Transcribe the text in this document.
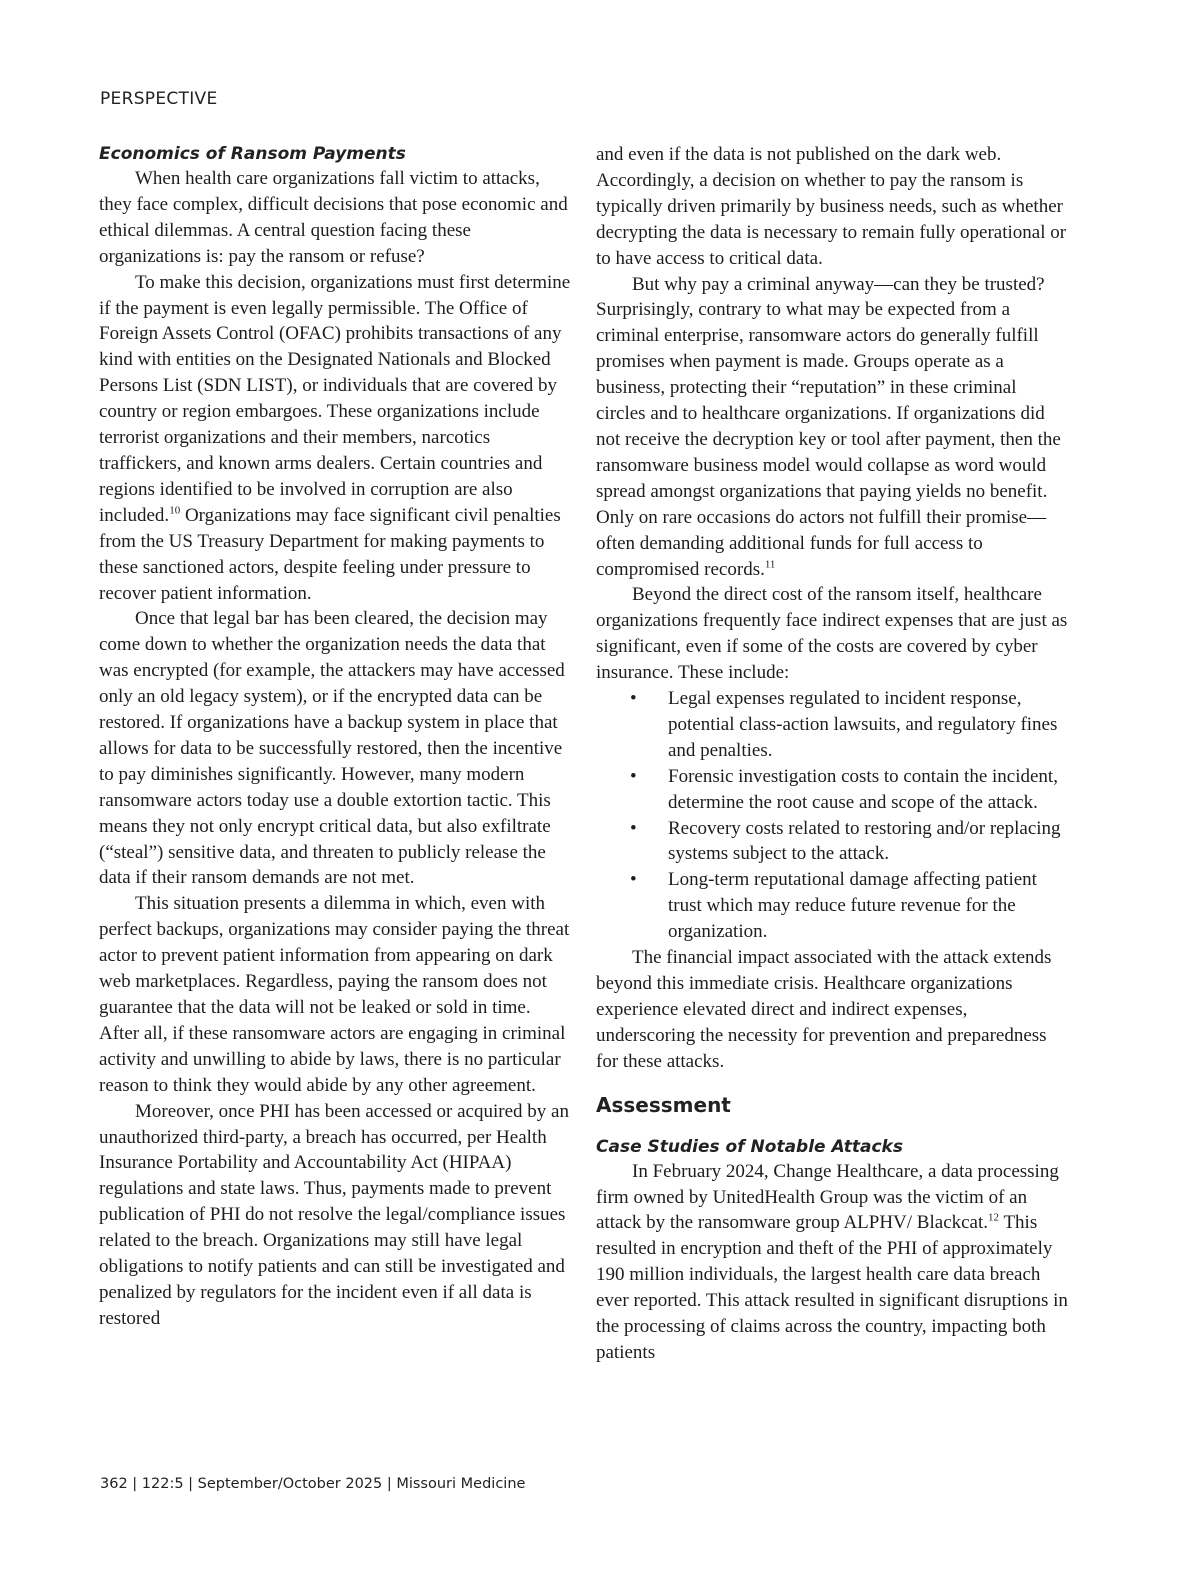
PERSPECTIVE
Economics of Ransom Payments

When health care organizations fall victim to attacks, they face complex, difficult decisions that pose economic and ethical dilemmas. A central question facing these organizations is: pay the ransom or refuse?

To make this decision, organizations must first determine if the payment is even legally permissible. The Office of Foreign Assets Control (OFAC) prohibits transactions of any kind with entities on the Designated Nationals and Blocked Persons List (SDN LIST), or individuals that are covered by country or region embargoes. These organizations include terrorist organizations and their members, narcotics traffickers, and known arms dealers. Certain countries and regions identified to be involved in corruption are also included.$^{10}$ Organizations may face significant civil penalties from the US Treasury Department for making payments to these sanctioned actors, despite feeling under pressure to recover patient information.

Once that legal bar has been cleared, the decision may come down to whether the organization needs the data that was encrypted (for example, the attackers may have accessed only an old legacy system), or if the encrypted data can be restored. If organizations have a backup system in place that allows for data to be successfully restored, then the incentive to pay diminishes significantly. However, many modern ransomware actors today use a double extortion tactic. This means they not only encrypt critical data, but also exfiltrate (“steal”) sensitive data, and threaten to publicly release the data if their ransom demands are not met.

This situation presents a dilemma in which, even with perfect backups, organizations may consider paying the threat actor to prevent patient information from appearing on dark web marketplaces. Regardless, paying the ransom does not guarantee that the data will not be leaked or sold in time. After all, if these ransomware actors are engaging in criminal activity and unwilling to abide by laws, there is no particular reason to think they would abide by any other agreement.

Moreover, once PHI has been accessed or acquired by an unauthorized third-party, a breach has occurred, per Health Insurance Portability and Accountability Act (HIPAA) regulations and state laws. Thus, payments made to prevent publication of PHI do not resolve the legal/compliance issues related to the breach. Organizations may still have legal obligations to notify patients and can still be investigated and penalized by regulators for the incident even if all data is restored

and even if the data is not published on the dark web. Accordingly, a decision on whether to pay the ransom is typically driven primarily by business needs, such as whether decrypting the data is necessary to remain fully operational or to have access to critical data.

But why pay a criminal anyway—can they be trusted? Surprisingly, contrary to what may be expected from a criminal enterprise, ransomware actors do generally fulfill promises when payment is made. Groups operate as a business, protecting their “reputation” in these criminal circles and to healthcare organizations. If organizations did not receive the decryption key or tool after payment, then the ransomware business model would collapse as word would spread amongst organizations that paying yields no benefit. Only on rare occasions do actors not fulfill their promise—often demanding additional funds for full access to compromised records.$^{11}$

Beyond the direct cost of the ransom itself, healthcare organizations frequently face indirect expenses that are just as significant, even if some of the costs are covered by cyber insurance. These include:

• Legal expenses regulated to incident response, potential class-action lawsuits, and regulatory fines and penalties.
• Forensic investigation costs to contain the incident, determine the root cause and scope of the attack.
• Recovery costs related to restoring and/or replacing systems subject to the attack.
• Long-term reputational damage affecting patient trust which may reduce future revenue for the organization.

The financial impact associated with the attack extends beyond this immediate crisis. Healthcare organizations experience elevated direct and indirect expenses, underscoring the necessity for prevention and preparedness for these attacks.

Assessment
Case Studies of Notable Attacks

In February 2024, Change Healthcare, a data processing firm owned by UnitedHealth Group was the victim of an attack by the ransomware group ALPHV/ Blackcat.$^{12}$ This resulted in encryption and theft of the PHI of approximately 190 million individuals, the largest health care data breach ever reported. This attack resulted in significant disruptions in the processing of claims across the country, impacting both patients

362 | 122:5 | September/October 2025 | Missouri Medicine
